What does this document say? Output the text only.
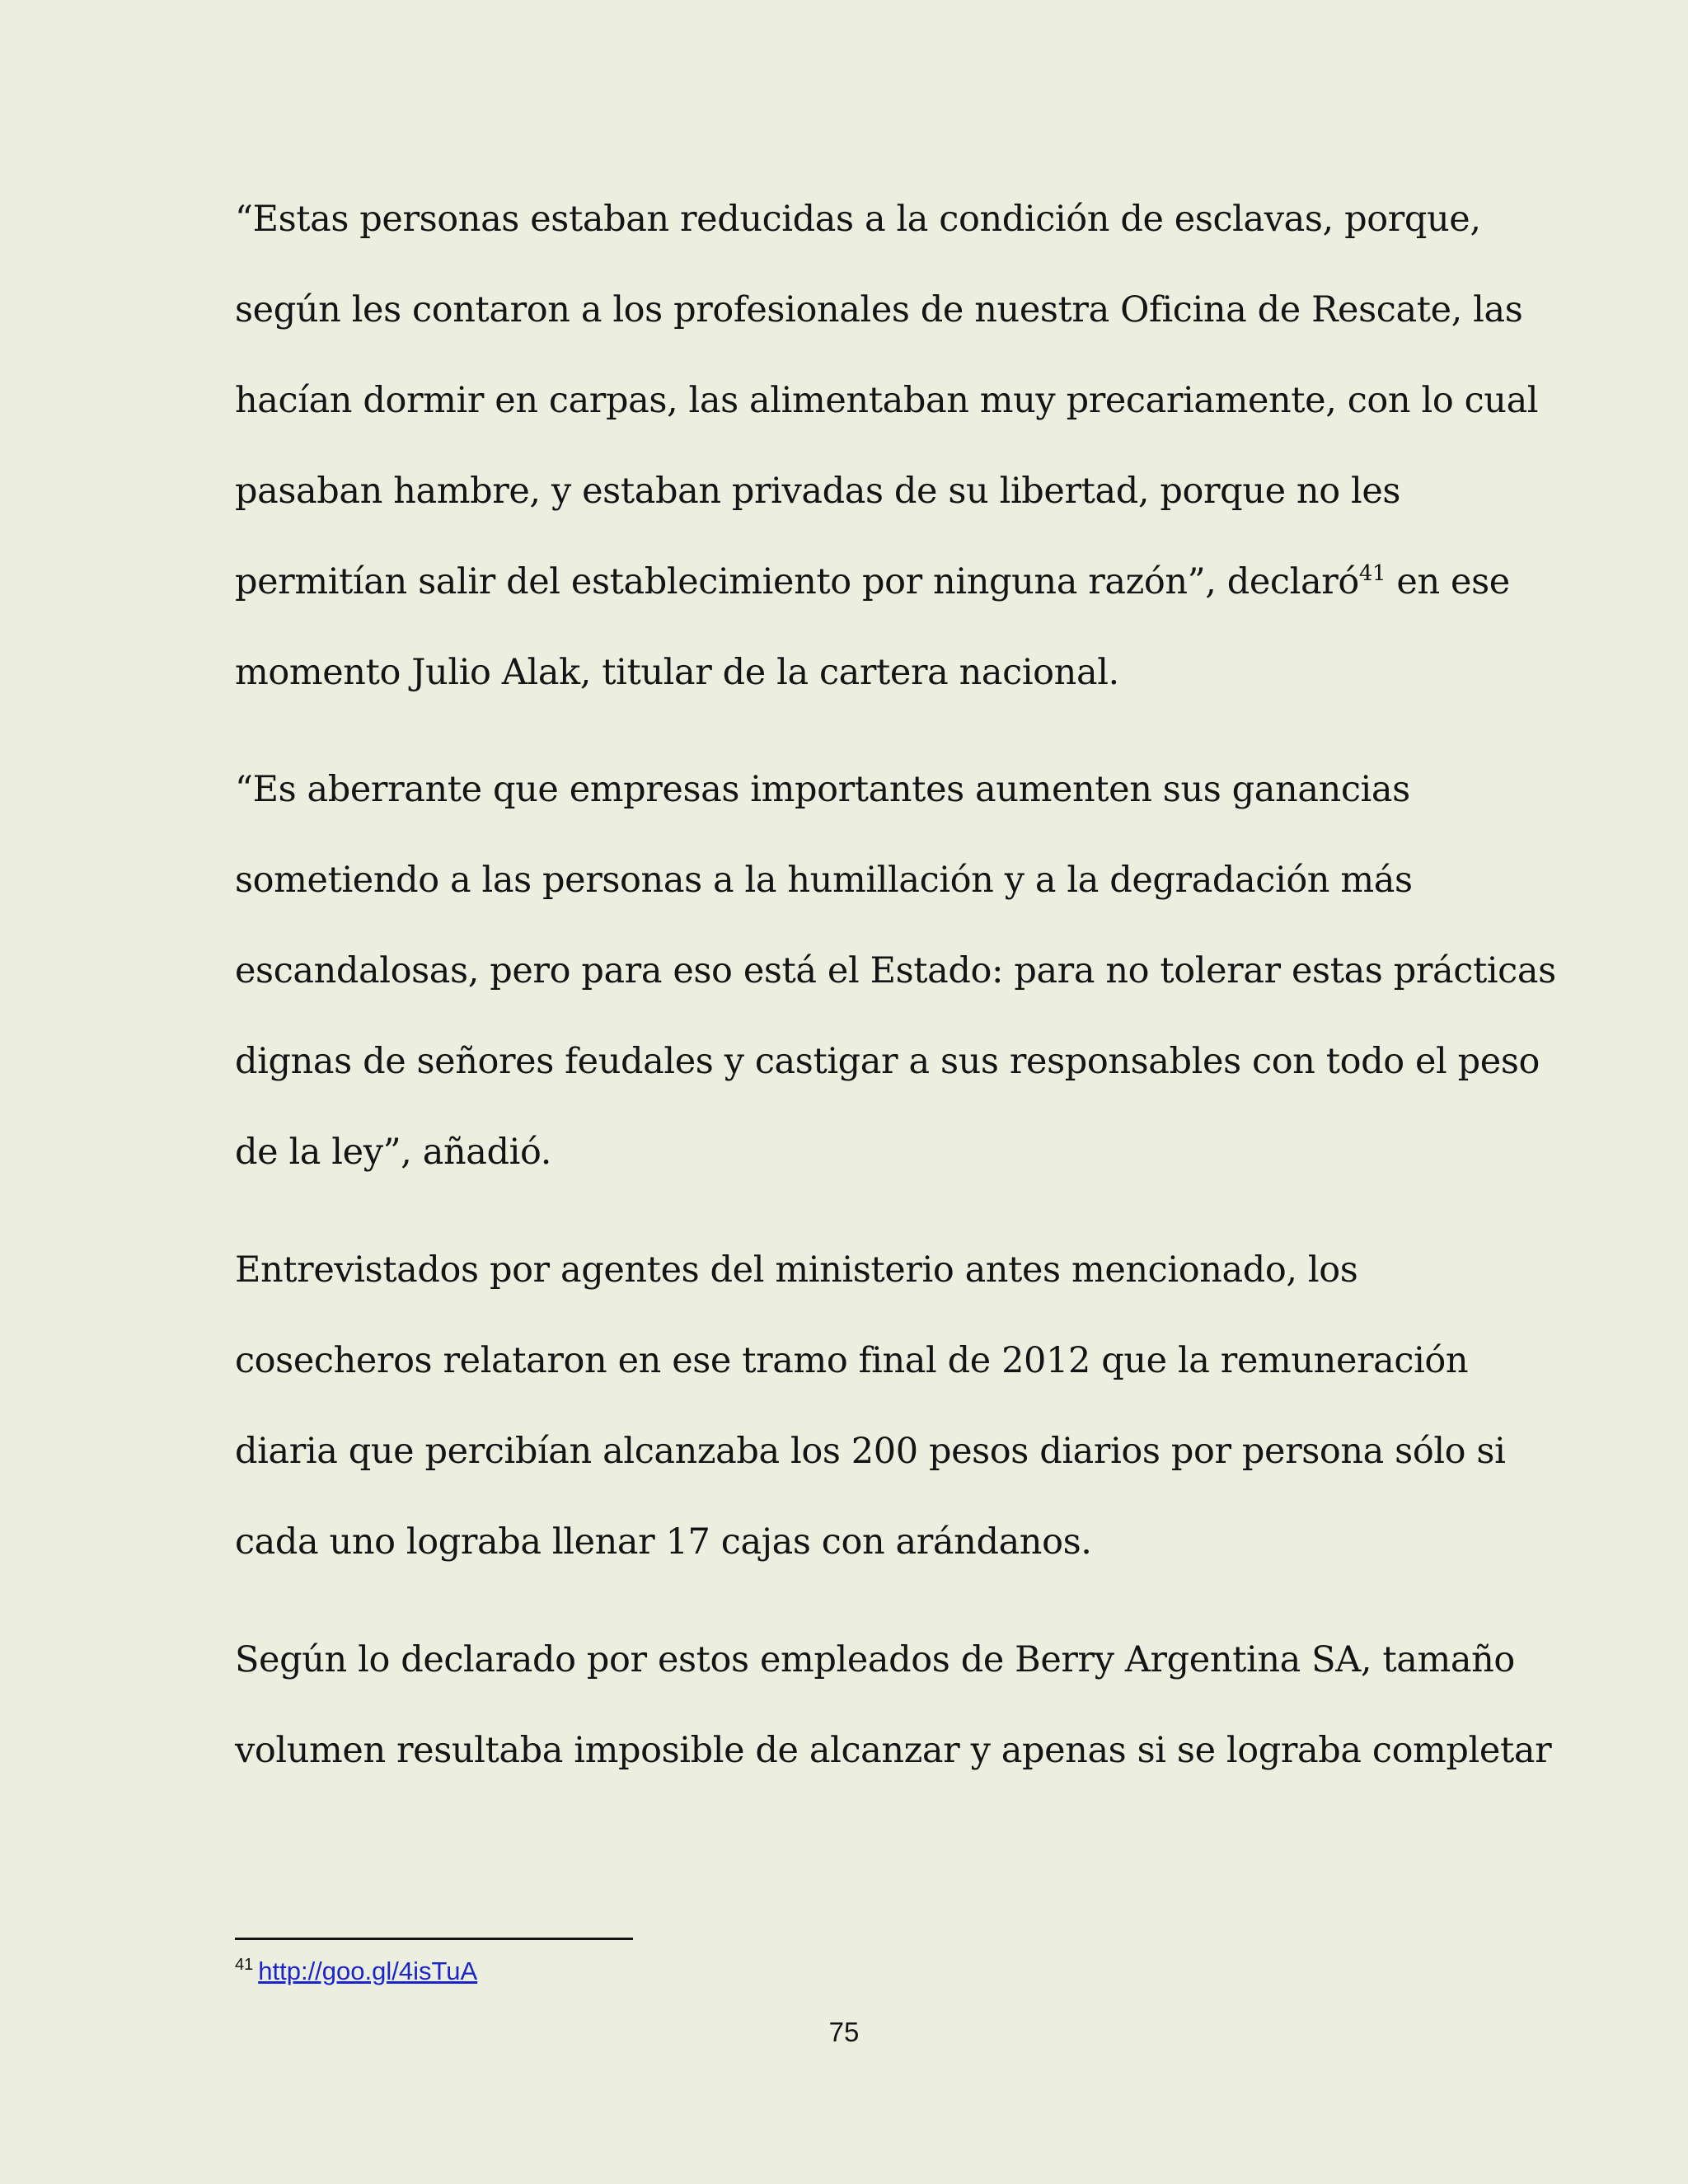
“Estas personas estaban reducidas a la condición de esclavas, porque,
según les contaron a los profesionales de nuestra Oficina de Rescate, las
hacían dormir en carpas, las alimentaban muy precariamente, con lo cual
pasaban hambre, y estaban privadas de su libertad, porque no les
permitían salir del establecimiento por ninguna razón”, declaró$^{41}$ en ese
momento Julio Alak, titular de la cartera nacional.
“Es aberrante que empresas importantes aumenten sus ganancias
sometiendo a las personas a la humillación y a la degradación más
escandalosas, pero para eso está el Estado: para no tolerar estas prácticas
dignas de señores feudales y castigar a sus responsables con todo el peso
de la ley”, añadió.
Entrevistados por agentes del ministerio antes mencionado, los
cosecheros relataron en ese tramo final de 2012 que la remuneración
diaria que percibían alcanzaba los 200 pesos diarios por persona sólo si
cada uno lograba llenar 17 cajas con arándanos.
Según lo declarado por estos empleados de Berry Argentina SA, tamaño
volumen resultaba imposible de alcanzar y apenas si se lograba completar
$^{41}$ http://goo.gl/4isTuA
75
